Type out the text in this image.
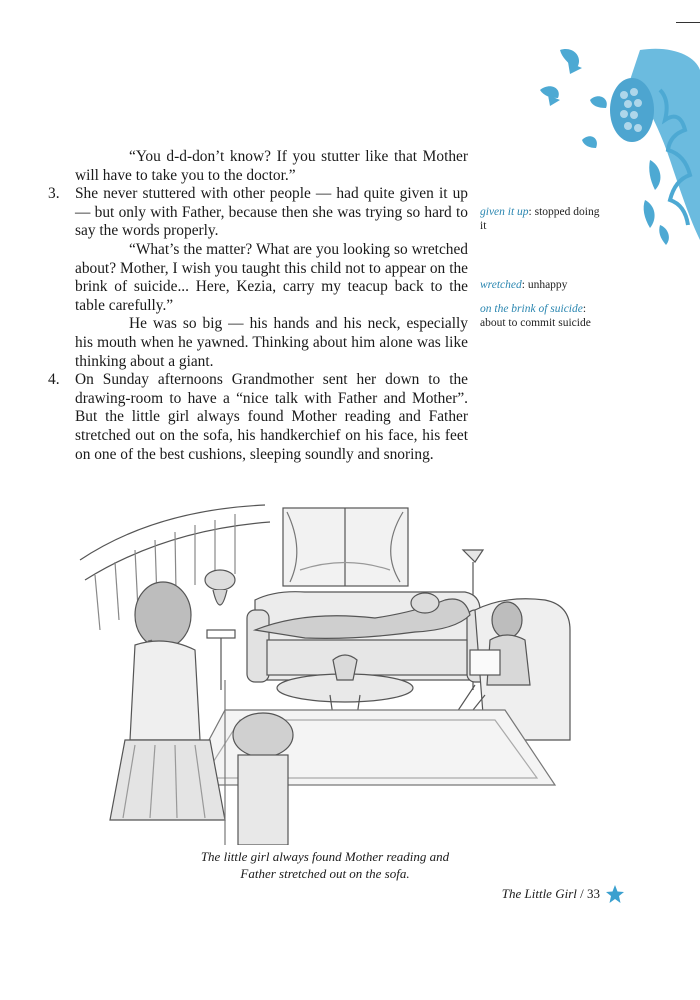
“You d-d-don’t know? If you stutter like that Mother will have to take you to the doctor.”

3. She never stuttered with other people — had quite given it up — but only with Father, because then she was trying so hard to say the words properly.

“What’s the matter? What are you looking so wretched about? Mother, I wish you taught this child not to appear on the brink of suicide... Here, Kezia, carry my teacup back to the table carefully.”

He was so big — his hands and his neck, especially his mouth when he yawned. Thinking about him alone was like thinking about a giant.

4. On Sunday afternoons Grandmother sent her down to the drawing-room to have a “nice talk with Father and Mother”. But the little girl always found Mother reading and Father stretched out on the sofa, his handkerchief on his face, his feet on one of the best cushions, sleeping soundly and snoring.

given it up: stopped doing it
wretched: unhappy
on the brink of suicide: about to commit suicide
The little girl always found Mother reading and
Father stretched out on the sofa.
The Little Girl / 33
